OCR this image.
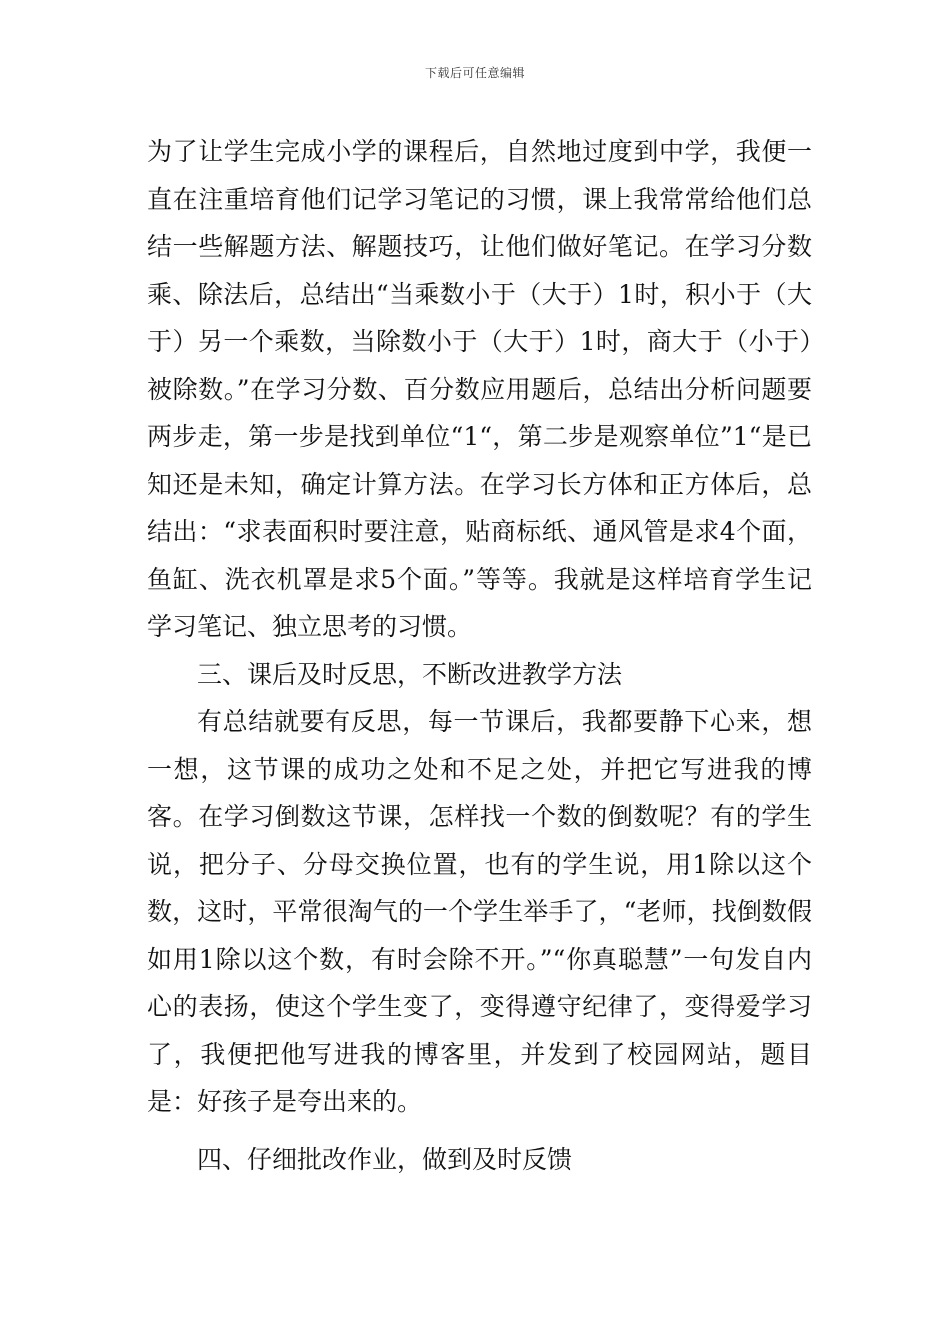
下载后可任意编辑

为了让学生完成小学的课程后，自然地过度到中学，我便一直在注重培育他们记学习笔记的习惯，课上我常常给他们总结一些解题方法、解题技巧，让他们做好笔记。在学习分数乘、除法后，总结出“当乘数小于（大于）1时，积小于（大于）另一个乘数，当除数小于（大于）1时，商大于（小于）被除数。”在学习分数、百分数应用题后，总结出分析问题要两步走，第一步是找到单位“1“，第二步是观察单位”1“是已知还是未知，确定计算方法。在学习长方体和正方体后，总结出：“求表面积时要注意，贴商标纸、通风管是求4个面，鱼缸、洗衣机罩是求5个面。”等等。我就是这样培育学生记学习笔记、独立思考的习惯。

三、课后及时反思，不断改进教学方法

有总结就要有反思，每一节课后，我都要静下心来，想一想，这节课的成功之处和不足之处，并把它写进我的博客。在学习倒数这节课，怎样找一个数的倒数呢？有的学生说，把分子、分母交换位置，也有的学生说，用1除以这个数，这时，平常很淘气的一个学生举手了，“老师，找倒数假如用1除以这个数，有时会除不开。”“你真聪慧”一句发自内心的表扬，使这个学生变了，变得遵守纪律了，变得爱学习了，我便把他写进我的博客里，并发到了校园网站，题目是：好孩子是夸出来的。

四、仔细批改作业，做到及时反馈
